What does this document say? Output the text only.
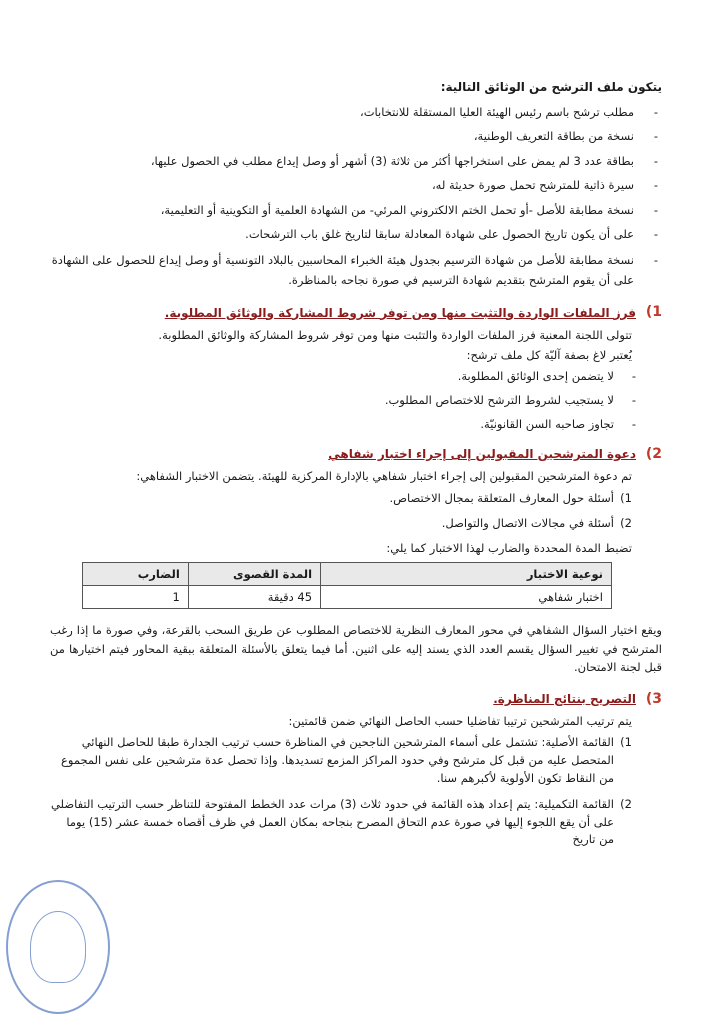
يتكون ملف الترشح من الوثائق التالية:

- مطلب ترشح باسم رئيس الهيئة العليا المستقلة للانتخابات،
- نسخة من بطاقة التعريف الوطنية،
- بطاقة عدد 3 لم يمض على استخراجها أكثر من ثلاثة (3) أشهر أو وصل إيداع مطلب في الحصول عليها،
- سيرة ذاتية للمترشح تحمل صورة حديثة له،
- نسخة مطابقة للأصل -أو تحمل الختم الالكتروني المرئي- من الشهادة العلمية أو التكوينية أو التعليمية،
- على أن يكون تاريخ الحصول على شهادة المعادلة سابقا لتاريخ غلق باب الترشحات.
- نسخة مطابقة للأصل من شهادة الترسيم بجدول هيئة الخبراء المحاسبين بالبلاد التونسية أو وصل إيداع للحصول على الشهادة على أن يقوم المترشح بتقديم شهادة الترسيم في صورة نجاحه بالمناظرة.
1)
فرز الملفات الواردة والتثبت منها ومن توفر شروط المشاركة والوثائق المطلوبة.

تتولى اللجنة المعنية فرز الملفات الواردة والتثبت منها ومن توفر شروط المشاركة والوثائق المطلوبة.

يُعتبر لاغ بصفة آليّة كل ملف ترشح:

- لا يتضمن إحدى الوثائق المطلوبة.
- لا يستجيب لشروط الترشح للاختصاص المطلوب.
- تجاوز صاحبه السن القانونيّة.
2)
دعوة المترشحين المقبولين إلى إجراء اختبار شفاهي

تم دعوة المترشحين المقبولين إلى إجراء اختبار شفاهي بالإدارة المركزية للهيئة. يتضمن الاختبار الشفاهي:

1)
أسئلة حول المعارف المتعلقة بمجال الاختصاص.
2)
أسئلة في مجالات الاتصال والتواصل.

تضبط المدة المحددة والضارب لهذا الاختبار كما يلي:

نوعية الاختبار	المدة القصوى	الضارب
اختبار شفاهي	45 دقيقة	1

ويقع اختيار السؤال الشفاهي في محور المعارف النظرية للاختصاص المطلوب عن طريق السحب بالقرعة، وفي صورة ما إذا رغب المترشح في تغيير السؤال يقسم العدد الذي يسند إليه على اثنين. أما فيما يتعلق بالأسئلة المتعلقة ببقية المحاور فيتم اختيارها من قبل لجنة الامتحان.

3)
التصريح بنتائج المناظرة.

يتم ترتيب المترشحين ترتيبا تفاضليا حسب الحاصل النهائي ضمن قائمتين:

1)
القائمة الأصلية: تشتمل على أسماء المترشحين الناجحين في المناظرة حسب ترتيب الجدارة طبقا للحاصل النهائي المتحصل عليه من قبل كل مترشح وفي حدود المراكز المزمع تسديدها. وإذا تحصل عدة مترشحين على نفس المجموع من النقاط تكون الأولوية لأكبرهم سنا.
2)
القائمة التكميلية: يتم إعداد هذه القائمة في حدود ثلاث (3) مرات عدد الخطط المفتوحة للتناظر حسب الترتيب التفاضلي على أن يقع اللجوء إليها في صورة عدم التحاق المصرح بنجاحه بمكان العمل في ظرف أقصاه خمسة عشر (15) يوما من تاريخ
